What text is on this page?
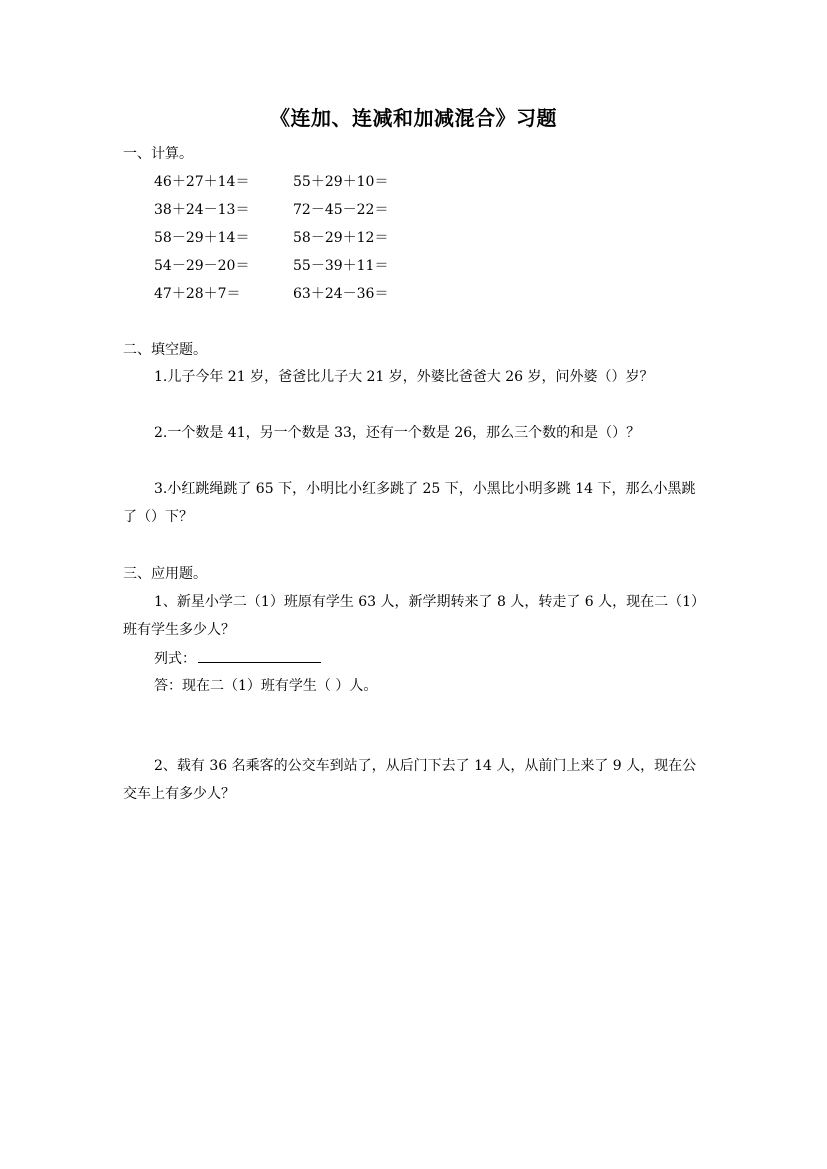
《连加、连减和加减混合》习题
一、计算。
46＋27＋14＝	55＋29＋10＝
38＋24－13＝	72－45－22＝
58－29＋14＝	58－29＋12＝
54－29－20＝	55－39＋11＝
47＋28＋7＝	63＋24－36＝
二、填空题。
1.儿子今年 21 岁，爸爸比儿子大 21 岁，外婆比爸爸大 26 岁，问外婆（）岁？
2.一个数是 41，另一个数是 33，还有一个数是 26，那么三个数的和是（）？
3.小红跳绳跳了 65 下，小明比小红多跳了 25 下，小黑比小明多跳 14 下，那么小黑跳
了（）下？
三、应用题。
1、新星小学二（1）班原有学生 63 人，新学期转来了 8 人，转走了 6 人，现在二（1）
班有学生多少人？
列式：
答：现在二（1）班有学生（ ）人。
2、载有 36 名乘客的公交车到站了，从后门下去了 14 人，从前门上来了 9 人，现在公
交车上有多少人？
